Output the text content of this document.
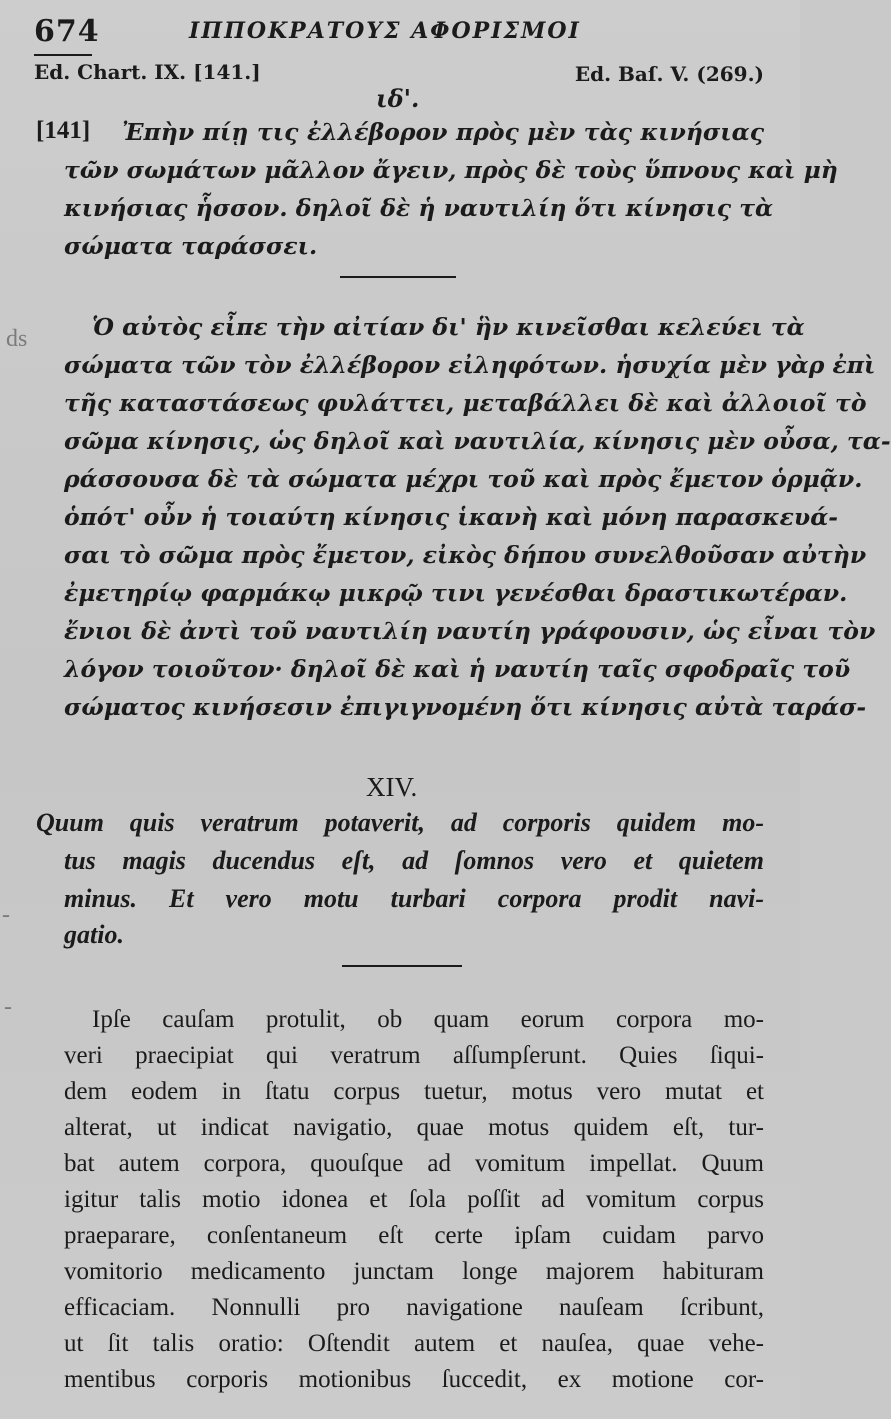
674	ΙΠΠΟΚΡΑΤΟΥΣ ΑΦΟΡΙΣΜΟΙ
Ed. Chart. IX. [141.]	Ed. Baſ. V. (269.)
ιδ'.
ds
-
-
[141] Ἐπὴν πίῃ τις ἐλλέβορον πρὸς μὲν τὰς κινήσιας
τῶν σωμάτων μᾶλλον ἄγειν, πρὸς δὲ τοὺς ὕπνους καὶ μὴ
κινήσιας ἧσσον. δηλοῖ δὲ ἡ ναυτιλίη ὅτι κίνησις τὰ
σώματα ταράσσει.
Ὁ αὐτὸς εἶπε τὴν αἰτίαν δι' ἣν κινεῖσθαι κελεύει τὰ
σώματα τῶν τὸν ἐλλέβορον εἰληφότων. ἡσυχία μὲν γὰρ ἐπὶ
τῆς καταστάσεως φυλάττει, μεταβάλλει δὲ καὶ ἀλλοιοῖ τὸ
σῶμα κίνησις, ὡς δηλοῖ καὶ ναυτιλία, κίνησις μὲν οὖσα, τα-
ράσσουσα δὲ τὰ σώματα μέχρι τοῦ καὶ πρὸς ἔμετον ὁρμᾷν.
ὁπότ' οὖν ἡ τοιαύτη κίνησις ἱκανὴ καὶ μόνη παρασκευά-
σαι τὸ σῶμα πρὸς ἔμετον, εἰκὸς δήπου συνελθοῦσαν αὐτὴν
ἐμετηρίῳ φαρμάκῳ μικρῷ τινι γενέσθαι δραστικωτέραν.
ἔνιοι δὲ ἀντὶ τοῦ ναυτιλίη ναυτίη γράφουσιν, ὡς εἶναι τὸν
λόγον τοιοῦτον· δηλοῖ δὲ καὶ ἡ ναυτίη ταῖς σφοδραῖς τοῦ
σώματος κινήσεσιν ἐπιγιγνομένη ὅτι κίνησις αὐτὰ ταράσ-
XIV.
Quum quis veratrum potaverit, ad corporis quidem mo-
tus magis ducendus eſt, ad ſomnos vero et quietem
minus. Et vero motu turbari corpora prodit navi-
gatio.
Ipſe cauſam protulit, ob quam eorum corpora mo-
veri praecipiat qui veratrum aſſumpſerunt. Quies ſiqui-
dem eodem in ſtatu corpus tuetur, motus vero mutat et
alterat, ut indicat navigatio, quae motus quidem eſt, tur-
bat autem corpora, quouſque ad vomitum impellat. Quum
igitur talis motio idonea et ſola poſſit ad vomitum corpus
praeparare, conſentaneum eſt certe ipſam cuidam parvo
vomitorio medicamento junctam longe majorem habituram
efficaciam. Nonnulli pro navigatione nauſeam ſcribunt,
ut ſit talis oratio: Oſtendit autem et nauſea, quae vehe-
mentibus corporis motionibus ſuccedit, ex motione cor-
